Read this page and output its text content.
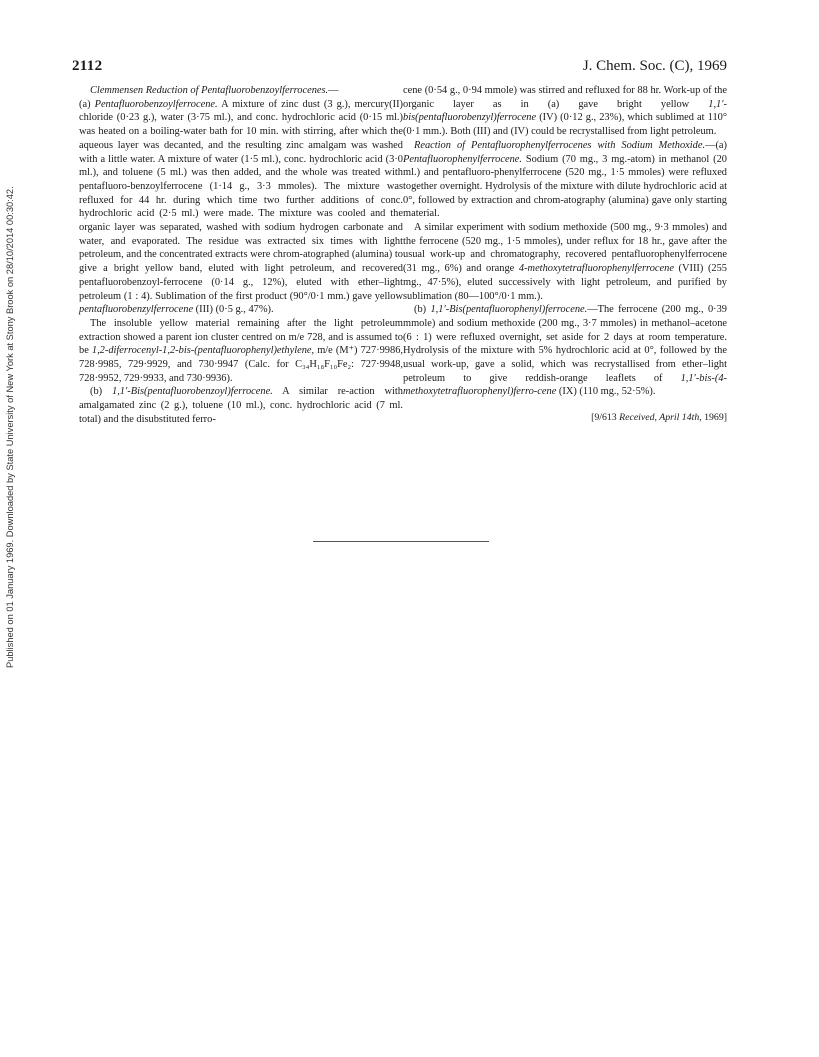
Published on 01 January 1969. Downloaded by State University of New York at Stony Brook on 28/10/2014 00:30:42.
2112	J. Chem. Soc. (C), 1969

Clemmensen Reduction of Pentafluorobenzoylferrocenes.—
(a) Pentafluorobenzoylferrocene. A mixture of zinc dust (3 g.), mercury(II) chloride (0·23 g.), water (3·75 ml.), and conc. hydrochloric acid (0·15 ml.) was heated on a boiling-water bath for 10 min. with stirring, after which the aqueous layer was decanted, and the resulting zinc amalgam was washed with a little water. A mixture of water (1·5 ml.), conc. hydrochloric acid (3·0 ml.), and toluene (5 ml.) was then added, and the whole was treated with pentafluoro-benzoylferrocene (1·14 g., 3·3 mmoles). The mixture was refluxed for 44 hr. during which time two further additions of conc. hydrochloric acid (2·5 ml.) were made. The mixture was cooled and the organic layer was separated, washed with sodium hydrogen carbonate and water, and evaporated. The residue was extracted six times with light petroleum, and the concentrated extracts were chrom-atographed (alumina) to give a bright yellow band, eluted with light petroleum, and recovered pentafluorobenzoyl-ferrocene (0·14 g., 12%), eluted with ether–light petroleum (1 : 4). Sublimation of the first product (90°/0·1 mm.) gave yellow pentafluorobenzylferrocene (III) (0·5 g., 47%).

The insoluble yellow material remaining after the light petroleum extraction showed a parent ion cluster centred on m/e 728, and is assumed to be 1,2-diferrocenyl-1,2-bis-(pentafluorophenyl)ethylene, m/e (M⁺) 727·9986, 728·9985, 729·9929, and 730·9947 (Calc. for C₃₄H₁₈F₁₀Fe₂: 727·9948, 728·9952, 729·9933, and 730·9936).

(b) 1,1′-Bis(pentafluorobenzoyl)ferrocene. A similar re-action with amalgamated zinc (2 g.), toluene (10 ml.), conc. hydrochloric acid (7 ml. total) and the disubstituted ferro-

cene (0·54 g., 0·94 mmole) was stirred and refluxed for 88 hr. Work-up of the organic layer as in (a) gave bright yellow 1,1′-bis(pentafluorobenzyl)ferrocene (IV) (0·12 g., 23%), which sublimed at 110° (0·1 mm.). Both (III) and (IV) could be recrystallised from light petroleum.

Reaction of Pentafluorophenylferrocenes with Sodium Methoxide.—(a) Pentafluorophenylferrocene. Sodium (70 mg., 3 mg.-atom) in methanol (20 ml.) and pentafluoro-phenylferrocene (520 mg., 1·5 mmoles) were refluxed together overnight. Hydrolysis of the mixture with dilute hydrochloric acid at 0°, followed by extraction and chrom-atography (alumina) gave only starting material.

A similar experiment with sodium methoxide (500 mg., 9·3 mmoles) and the ferrocene (520 mg., 1·5 mmoles), under reflux for 18 hr., gave after the usual work-up and chromatography, recovered pentafluorophenylferrocene (31 mg., 6%) and orange 4-methoxytetrafluorophenylferrocene (VIII) (255 mg., 47·5%), eluted successively with light petroleum, and purified by sublimation (80—100°/0·1 mm.).

(b) 1,1′-Bis(pentafluorophenyl)ferrocene.—The ferrocene (200 mg., 0·39 mmole) and sodium methoxide (200 mg., 3·7 mmoles) in methanol–acetone (6 : 1) were refluxed overnight, set aside for 2 days at room temperature. Hydrolysis of the mixture with 5% hydrochloric acid at 0°, followed by the usual work-up, gave a solid, which was recrystallised from ether–light petroleum to give reddish-orange leaflets of 1,1′-bis-(4-methoxytetrafluorophenyl)ferro-cene (IX) (110 mg., 52·5%).

[9/613 Received, April 14th, 1969]
